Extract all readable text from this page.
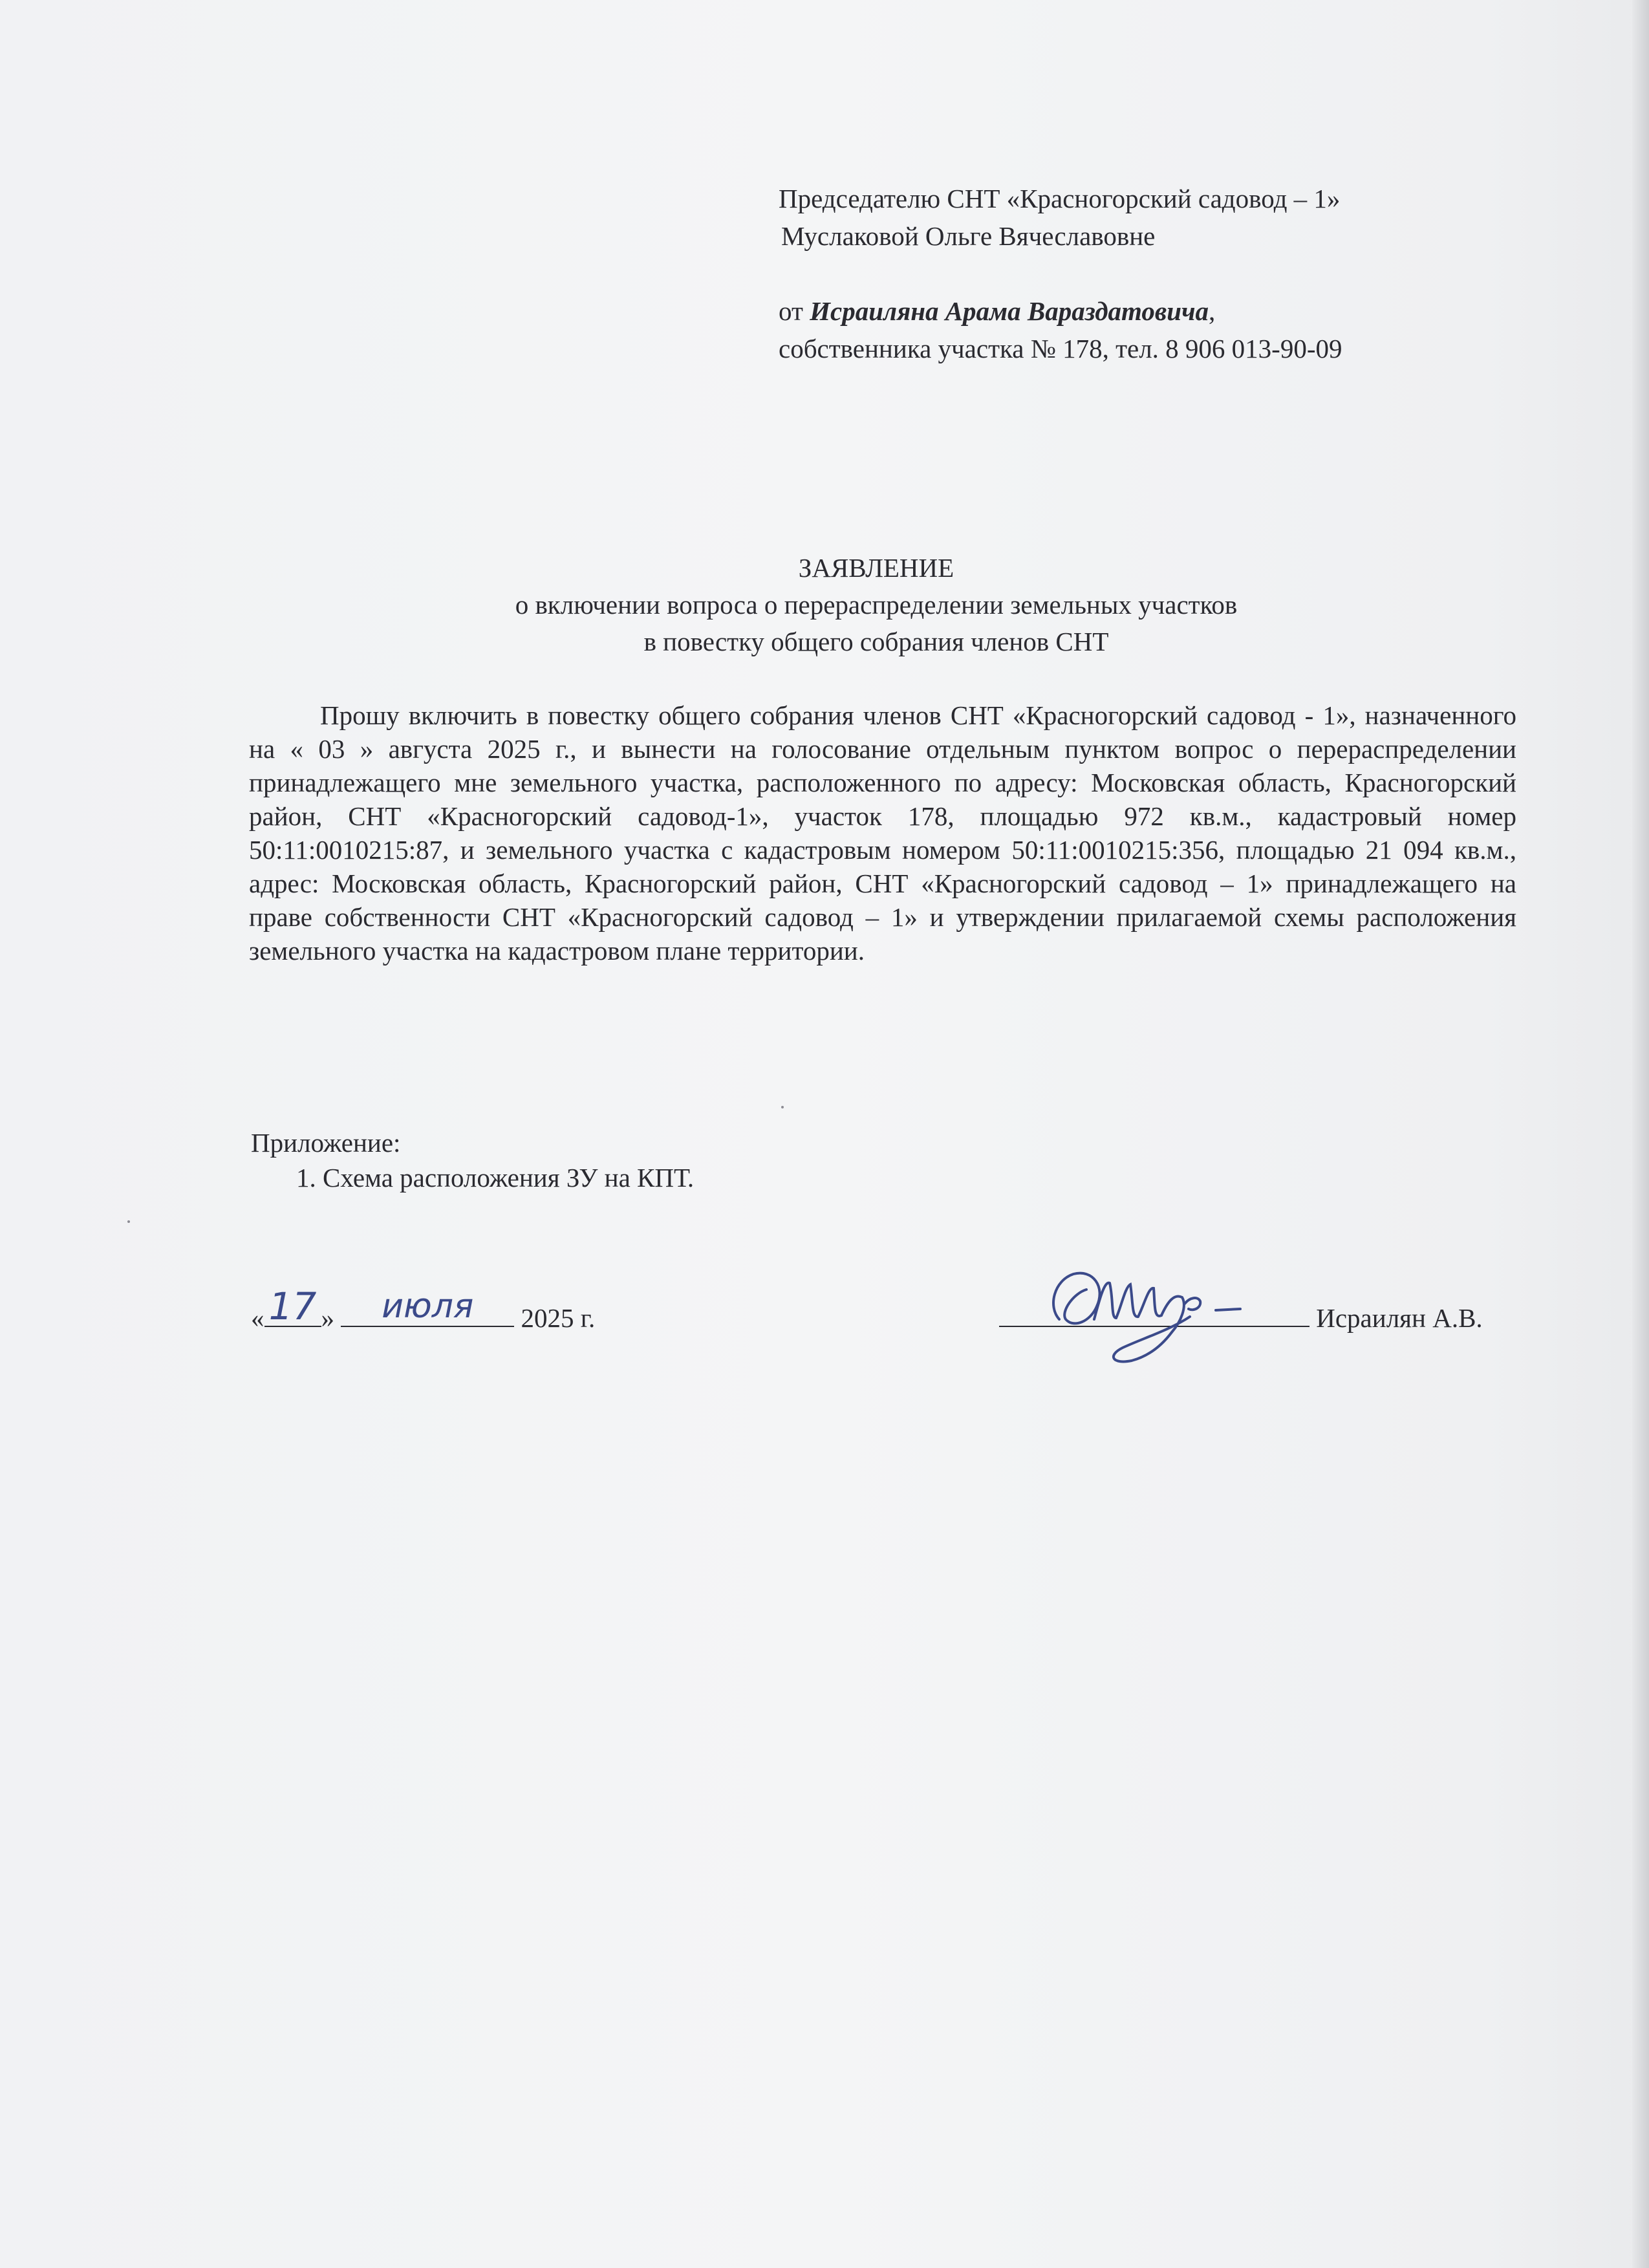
Председателю СНТ «Красногорский садовод – 1»
Муслаковой Ольге Вячеславовне
от Исраиляна Арама Вараздатовича,
собственника участка № 178, тел. 8 906 013-90-09
ЗАЯВЛЕНИЕ
о включении вопроса о перераспределении земельных участков
в повестку общего собрания членов СНТ

Прошу включить в повестку общего собрания членов СНТ «Красногорский садовод - 1», назначенного на « 03 » августа 2025 г., и вынести на голосование отдельным пунктом вопрос о перераспределении принадлежащего мне земельного участка, расположенного по адресу: Московская область, Красногорский район, СНТ «Красногорский садовод-1», участок 178, площадью 972 кв.м., кадастровый номер 50:11:0010215:87, и земельного участка с кадастровым номером 50:11:0010215:356, площадью 21 094 кв.м., адрес: Московская область, Красногорский район, СНТ «Красногорский садовод – 1» принадлежащего на праве собственности СНТ «Красногорский садовод – 1» и утверждении прилагаемой схемы расположения земельного участка на кадастровом плане территории.

Приложение:
1. Схема расположения ЗУ на КПТ.
« 17 »	июля	2025 г.	Исраилян А.В.
